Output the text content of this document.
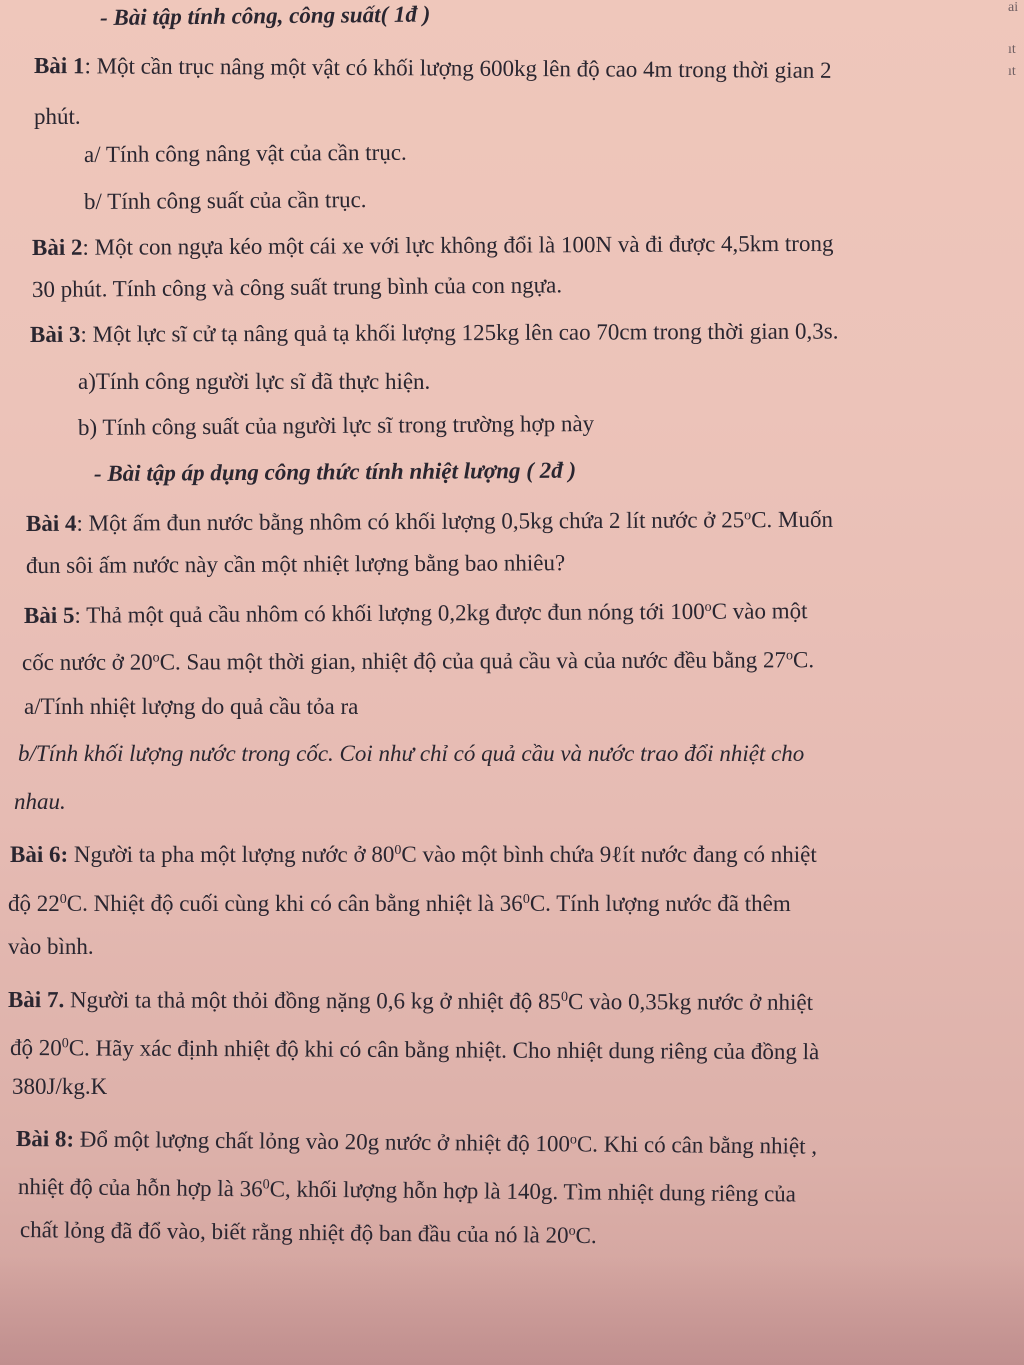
- Bài tập tính công, công suất( 1đ )
Bài 1: Một cần trục nâng một vật có khối lượng 600kg lên độ cao 4m trong thời gian 2
phút.
a/ Tính công nâng vật của cần trục.
b/ Tính công suất của cần trục.
Bài 2: Một con ngựa kéo một cái xe với lực không đổi là 100N và đi được 4,5km trong
30 phút. Tính công và công suất trung bình của con ngựa.
Bài 3: Một lực sĩ cử tạ nâng quả tạ khối lượng 125kg lên cao 70cm trong thời gian 0,3s.
a)Tính công người lực sĩ đã thực hiện.
b) Tính công suất của người lực sĩ trong trường hợp này
- Bài tập áp dụng công thức tính nhiệt lượng ( 2đ )
Bài 4: Một ấm đun nước bằng nhôm có khối lượng 0,5kg chứa 2 lít nước ở 25$^o$C. Muốn
đun sôi ấm nước này cần một nhiệt lượng bằng bao nhiêu?
Bài 5: Thả một quả cầu nhôm có khối lượng 0,2kg được đun nóng tới 100$^o$C vào một
cốc nước ở 20$^o$C. Sau một thời gian, nhiệt độ của quả cầu và của nước đều bằng 27$^o$C.
a/Tính nhiệt lượng do quả cầu tỏa ra
b/Tính khối lượng nước trong cốc. Coi như chỉ có quả cầu và nước trao đổi nhiệt cho
nhau.
Bài 6: Người ta pha một lượng nước ở $80^0C$ vào một bình chứa 9ℓít nước đang có nhiệt
độ $22^0C$. Nhiệt độ cuối cùng khi có cân bằng nhiệt là $36^0C$. Tính lượng nước đã thêm
vào bình.
Bài 7. Người ta thả một thỏi đồng nặng 0,6 kg ở nhiệt độ $85^0C$ vào 0,35kg nước ở nhiệt
độ $20^0C$. Hãy xác định nhiệt độ khi có cân bằng nhiệt. Cho nhiệt dung riêng của đồng là
380J/kg.K
Bài 8: Đổ một lượng chất lỏng vào 20g nước ở nhiệt độ 100$^o$C. Khi có cân bằng nhiệt ,
nhiệt độ của hỗn hợp là $36^0C$, khối lượng hỗn hợp là 140g. Tìm nhiệt dung riêng của
chất lỏng đã đổ vào, biết rằng nhiệt độ ban đầu của nó là 20$^o$C.
ai
ıt
ıt
